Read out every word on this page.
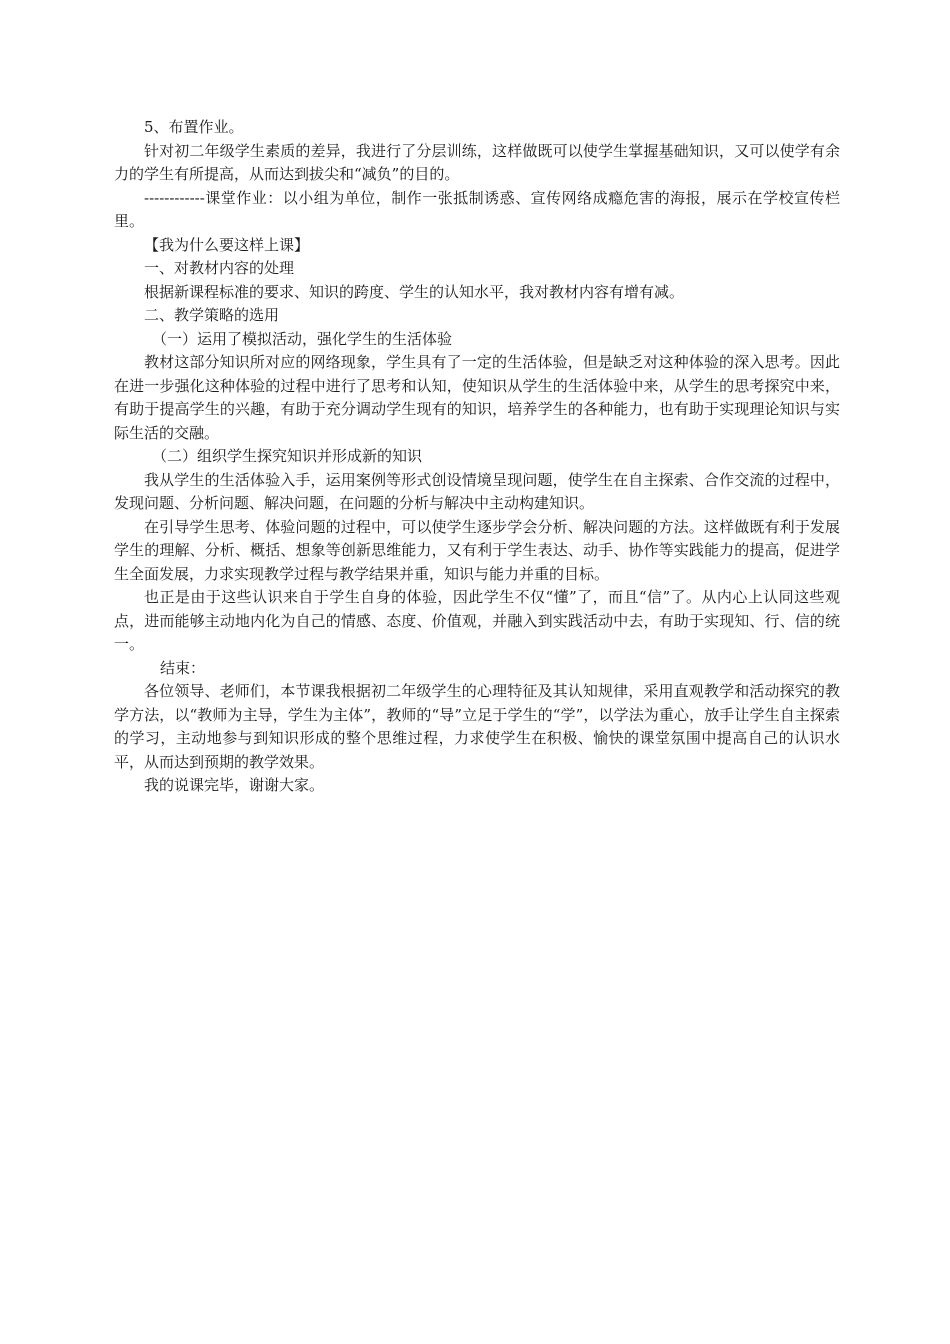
5、布置作业。

针对初二年级学生素质的差异，我进行了分层训练，这样做既可以使学生掌握基础知识，又可以使学有余力的学生有所提高，从而达到拔尖和“减负”的目的。

------------课堂作业：以小组为单位，制作一张抵制诱惑、宣传网络成瘾危害的海报，展示在学校宣传栏里。

【我为什么要这样上课】

一、对教材内容的处理

根据新课程标准的要求、知识的跨度、学生的认知水平，我对教材内容有增有减。

二、教学策略的选用

（一）运用了模拟活动，强化学生的生活体验

教材这部分知识所对应的网络现象，学生具有了一定的生活体验，但是缺乏对这种体验的深入思考。因此在进一步强化这种体验的过程中进行了思考和认知，使知识从学生的生活体验中来，从学生的思考探究中来，有助于提高学生的兴趣，有助于充分调动学生现有的知识，培养学生的各种能力，也有助于实现理论知识与实际生活的交融。

（二）组织学生探究知识并形成新的知识

我从学生的生活体验入手，运用案例等形式创设情境呈现问题，使学生在自主探索、合作交流的过程中，发现问题、分析问题、解决问题，在问题的分析与解决中主动构建知识。

在引导学生思考、体验问题的过程中，可以使学生逐步学会分析、解决问题的方法。这样做既有利于发展学生的理解、分析、概括、想象等创新思维能力，又有利于学生表达、动手、协作等实践能力的提高，促进学生全面发展，力求实现教学过程与教学结果并重，知识与能力并重的目标。

也正是由于这些认识来自于学生自身的体验，因此学生不仅“懂”了，而且“信”了。从内心上认同这些观点，进而能够主动地内化为自己的情感、态度、价值观，并融入到实践活动中去，有助于实现知、行、信的统一。

结束：

各位领导、老师们，本节课我根据初二年级学生的心理特征及其认知规律，采用直观教学和活动探究的教学方法，以“教师为主导，学生为主体”，教师的“导”立足于学生的“学”，以学法为重心，放手让学生自主探索的学习，主动地参与到知识形成的整个思维过程，力求使学生在积极、愉快的课堂氛围中提高自己的认识水平，从而达到预期的教学效果。

我的说课完毕，谢谢大家。
